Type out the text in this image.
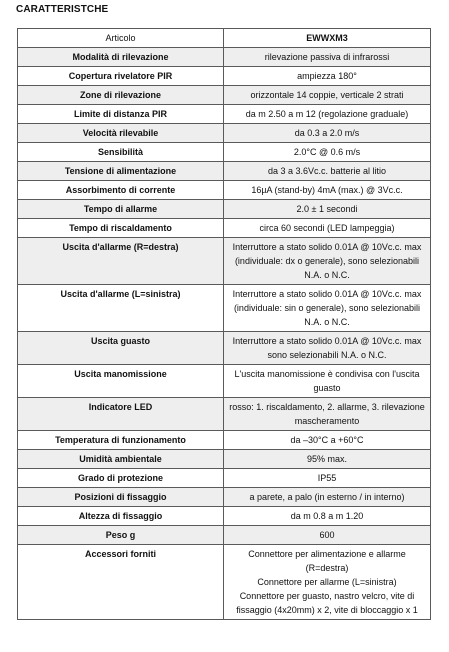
CARATTERISTCHE
Articolo	EWWXM3
Modalità di rilevazione	rilevazione passiva di infrarossi

Copertura rivelatore PIR	ampiezza 180°

Zone di rilevazione	orizzontale 14 coppie, verticale 2 strati

Limite di distanza PIR	da m 2.50 a m 12 (regolazione graduale)

Velocità rilevabile	da 0.3 a 2.0 m/s

Sensibilità	2.0°C @ 0.6 m/s

Tensione di alimentazione	da 3 a 3.6Vc.c. batterie al litio

Assorbimento di corrente	16µA (stand-by) 4mA (max.) @ 3Vc.c.

Tempo di allarme	2.0 ± 1 secondi

Tempo di riscaldamento	circa 60 secondi (LED lampeggia)

Uscita d'allarme (R=destra)	Interruttore a stato solido 0.01A @ 10Vc.c. max (individuale: dx o generale), sono selezionabili N.A. o N.C.

Uscita d'allarme (L=sinistra)	Interruttore a stato solido 0.01A @ 10Vc.c. max (individuale: sin o generale), sono selezionabili N.A. o N.C.

Uscita guasto	Interruttore a stato solido 0.01A @ 10Vc.c. max sono selezionabili N.A. o N.C.

Uscita manomissione	L'uscita manomissione è condivisa con l'uscita guasto

Indicatore LED	rosso: 1. riscaldamento, 2. allarme, 3. rilevazione mascheramento

Temperatura di funzionamento	da –30°C a +60°C

Umidità ambientale	95% max.

Grado di protezione	IP55

Posizioni di fissaggio	a parete, a palo (in esterno / in interno)

Altezza di fissaggio	da m 0.8 a m 1.20

Peso g	600

Accessori forniti	Connettore per alimentazione e allarme (R=destra)
Connettore per allarme (L=sinistra)
Connettore per guasto, nastro velcro, vite di fissaggio (4x20mm) x 2, vite di bloccaggio x 1
